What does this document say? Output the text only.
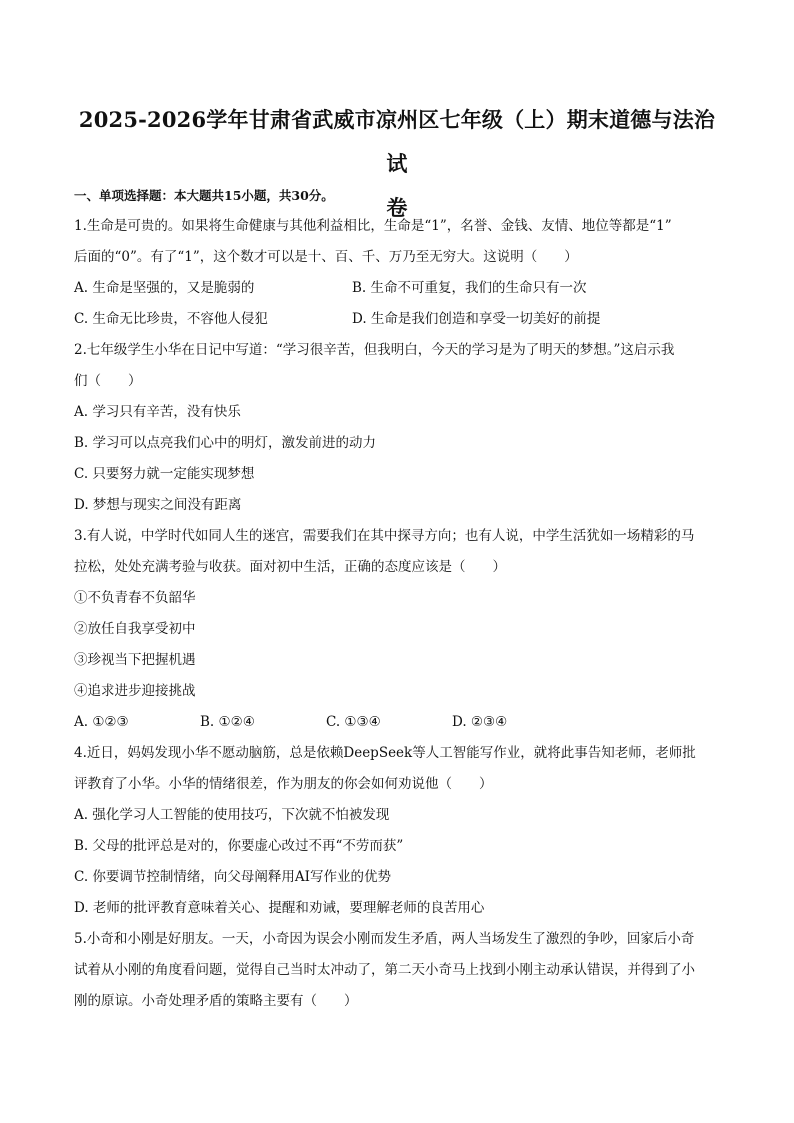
2025-2026学年甘肃省武威市凉州区七年级（上）期末道德与法治试
卷
一、单项选择题：本大题共15小题，共30分。
1.生命是可贵的。如果将生命健康与其他利益相比，生命是“1”，名誉、金钱、友情、地位等都是“1”
后面的“0”。有了“1”，这个数才可以是十、百、千、万乃至无穷大。这说明（　　）
A. 生命是坚强的，又是脆弱的	B. 生命不可重复，我们的生命只有一次
C. 生命无比珍贵，不容他人侵犯	D. 生命是我们创造和享受一切美好的前提
2.七年级学生小华在日记中写道：“学习很辛苦，但我明白，今天的学习是为了明天的梦想。”这启示我
们（　　）
A. 学习只有辛苦，没有快乐
B. 学习可以点亮我们心中的明灯，激发前进的动力
C. 只要努力就一定能实现梦想
D. 梦想与现实之间没有距离
3.有人说，中学时代如同人生的迷宫，需要我们在其中探寻方向；也有人说，中学生活犹如一场精彩的马
拉松，处处充满考验与收获。面对初中生活，正确的态度应该是（　　）
①不负青春不负韶华
②放任自我享受初中
③珍视当下把握机遇
④追求进步迎接挑战
A. ①②③	B. ①②④	C. ①③④	D. ②③④
4.近日，妈妈发现小华不愿动脑筋，总是依赖DeepSeek等人工智能写作业，就将此事告知老师，老师批
评教育了小华。小华的情绪很差，作为朋友的你会如何劝说他（　　）
A. 强化学习人工智能的使用技巧，下次就不怕被发现
B. 父母的批评总是对的，你要虚心改过不再“不劳而获”
C. 你要调节控制情绪，向父母阐释用AI写作业的优势
D. 老师的批评教育意味着关心、提醒和劝诫，要理解老师的良苦用心
5.小奇和小刚是好朋友。一天，小奇因为误会小刚而发生矛盾，两人当场发生了激烈的争吵，回家后小奇
试着从小刚的角度看问题，觉得自己当时太冲动了，第二天小奇马上找到小刚主动承认错误，并得到了小
刚的原谅。小奇处理矛盾的策略主要有（　　）
